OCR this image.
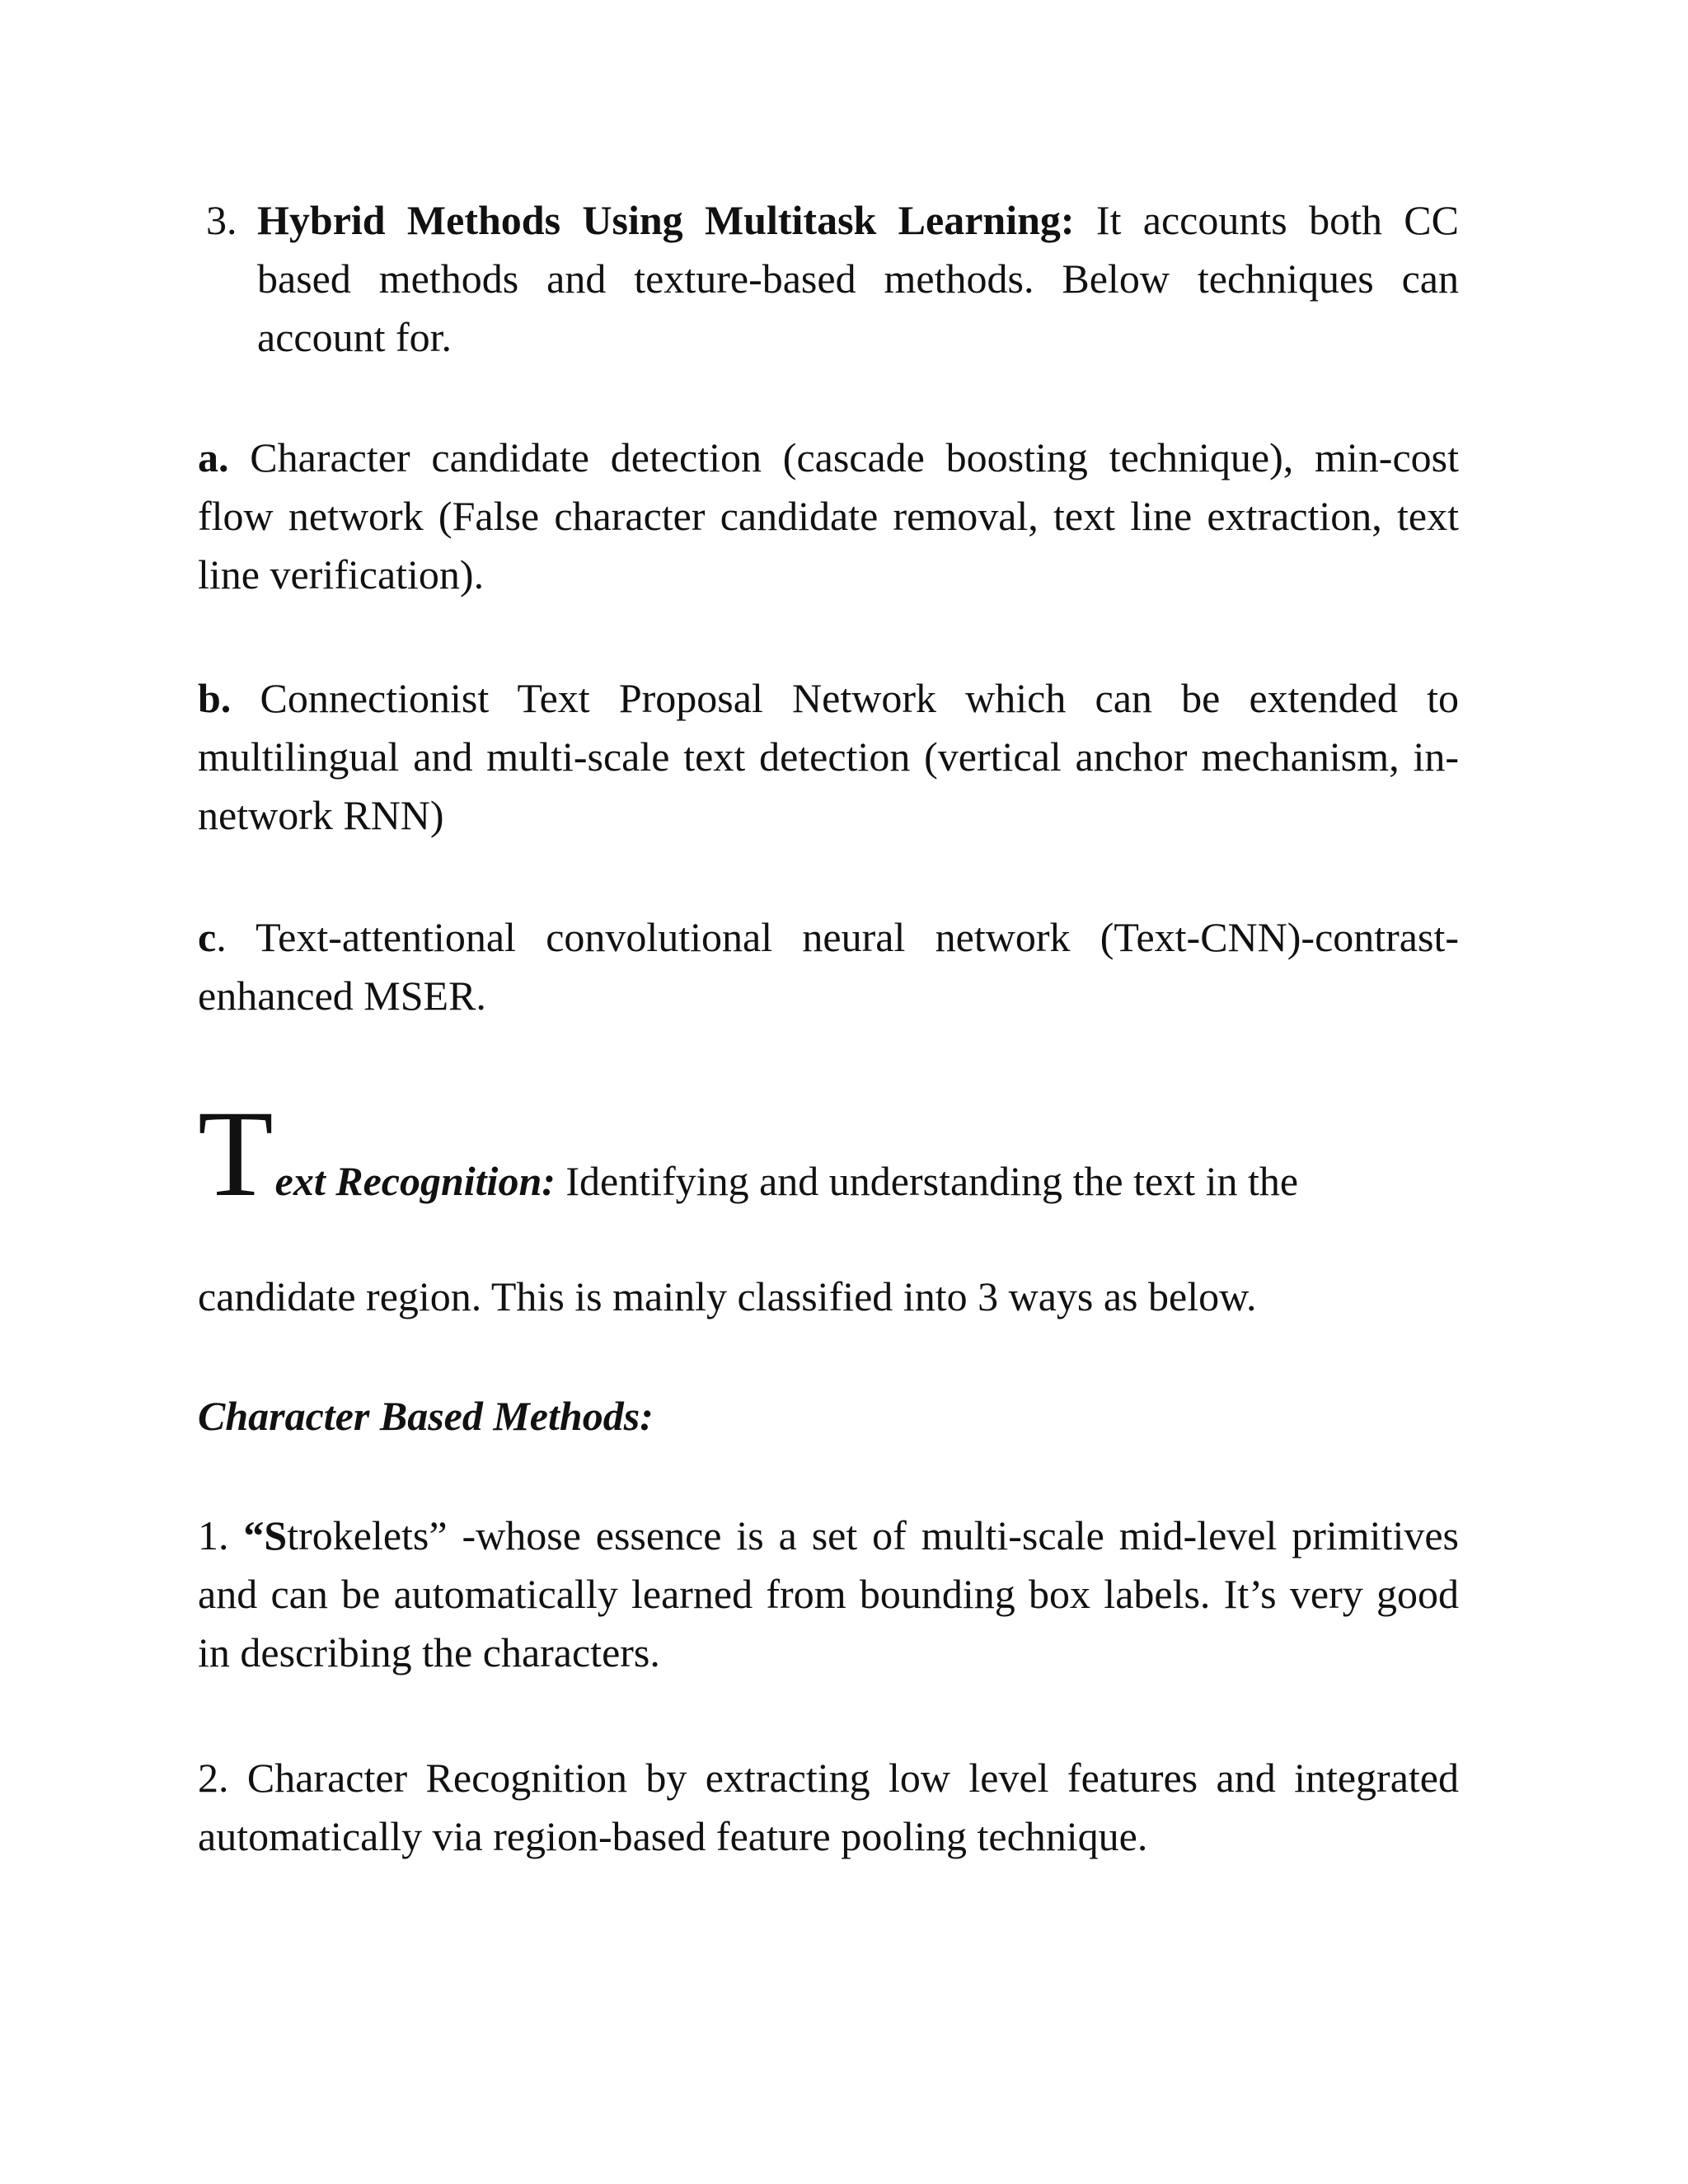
3. Hybrid Methods Using Multitask Learning: It accounts both CC based methods and texture-based methods. Below techniques can account for.
a. Character candidate detection (cascade boosting technique), min-cost flow network (False character candidate removal, text line extraction, text line verification).
b. Connectionist Text Proposal Network which can be extended to multilingual and multi-scale text detection (vertical anchor mechanism, in-network RNN)
c. Text-attentional convolutional neural network (Text-CNN)-contrast-enhanced MSER.
Text Recognition: Identifying and understanding the text in the
candidate region. This is mainly classified into 3 ways as below.
Character Based Methods:
1. “Strokelets” -whose essence is a set of multi-scale mid-level primitives and can be automatically learned from bounding box labels. It’s very good in describing the characters.
2. Character Recognition by extracting low level features and integrated automatically via region-based feature pooling technique.
